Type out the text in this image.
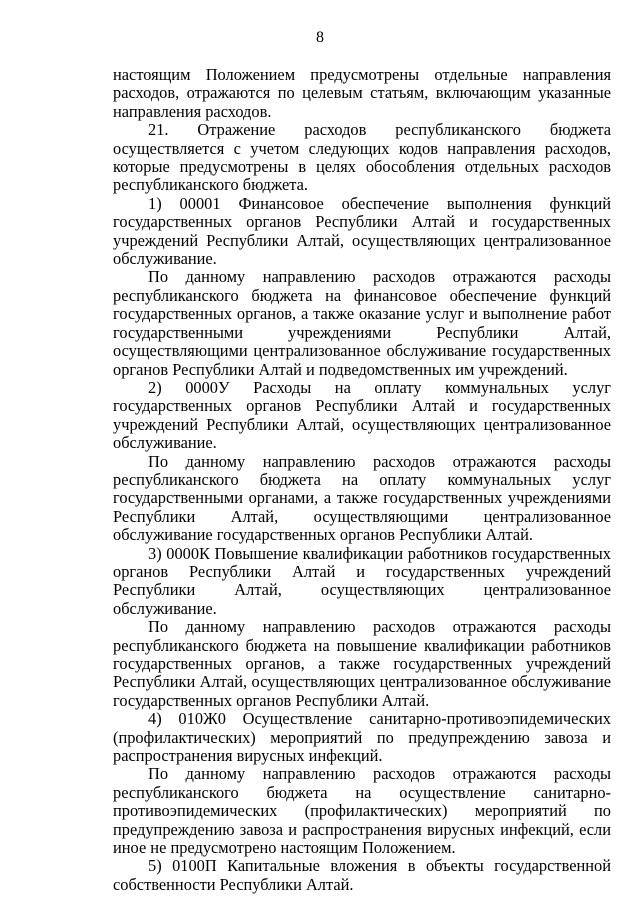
8

настоящим Положением предусмотрены отдельные направления расходов, отражаются по целевым статьям, включающим указанные направления расходов.

21. Отражение расходов республиканского бюджета осуществляется с учетом следующих кодов направления расходов, которые предусмотрены в целях обособления отдельных расходов республиканского бюджета.

1) 00001 Финансовое обеспечение выполнения функций государственных органов Республики Алтай и государственных учреждений Республики Алтай, осуществляющих централизованное обслуживание.

По данному направлению расходов отражаются расходы республиканского бюджета на финансовое обеспечение функций государственных органов, а также оказание услуг и выполнение работ государственными учреждениями Республики Алтай, осуществляющими централизованное обслуживание государственных органов Республики Алтай и подведомственных им учреждений.

2) 0000У Расходы на оплату коммунальных услуг государственных органов Республики Алтай и государственных учреждений Республики Алтай, осуществляющих централизованное обслуживание.

По данному направлению расходов отражаются расходы республиканского бюджета на оплату коммунальных услуг государственными органами, а также государственных учреждениями Республики Алтай, осуществляющими централизованное обслуживание государственных органов Республики Алтай.

3) 0000К Повышение квалификации работников государственных органов Республики Алтай и государственных учреждений Республики Алтай, осуществляющих централизованное обслуживание.

По данному направлению расходов отражаются расходы республиканского бюджета на повышение квалификации работников государственных органов, а также государственных учреждений Республики Алтай, осуществляющих централизованное обслуживание государственных органов Республики Алтай.

4) 010Ж0 Осуществление санитарно-противоэпидемических (профилактических) мероприятий по предупреждению завоза и распространения вирусных инфекций.

По данному направлению расходов отражаются расходы республиканского бюджета на осуществление санитарно-противоэпидемических (профилактических) мероприятий по предупреждению завоза и распространения вирусных инфекций, если иное не предусмотрено настоящим Положением.

5) 0100П Капитальные вложения в объекты государственной собственности Республики Алтай.
